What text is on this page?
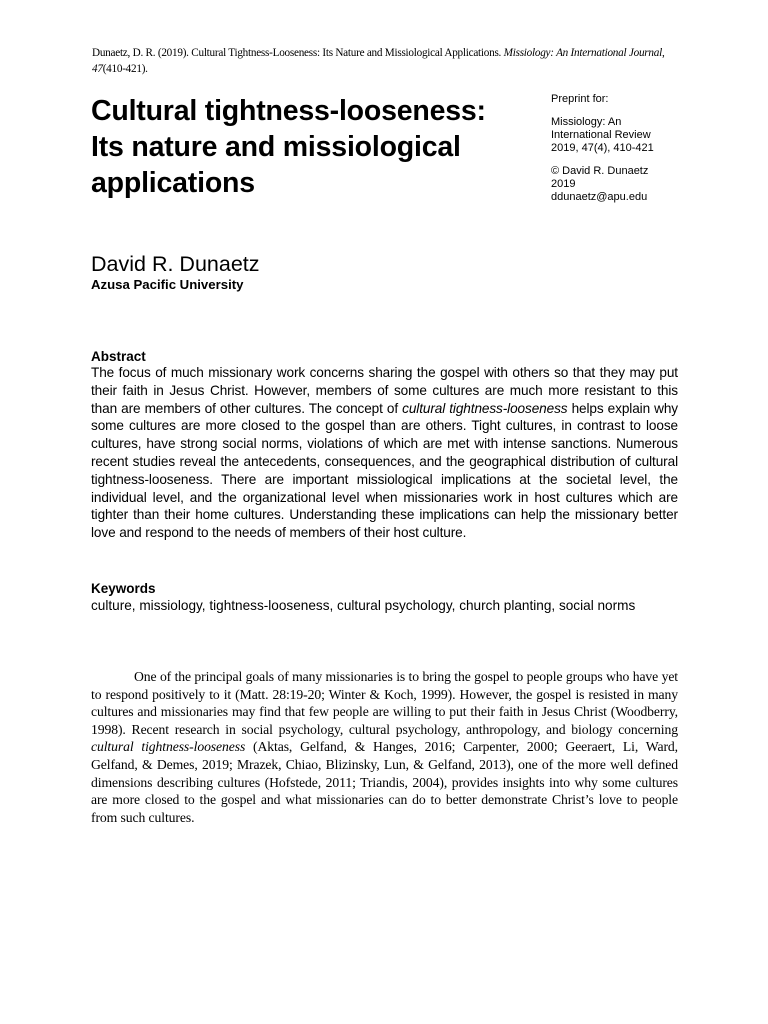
Dunaetz, D. R. (2019). Cultural Tightness-Looseness: Its Nature and Missiological Applications. Missiology: An International Journal, 47(410-421).
Cultural tightness-looseness:
Its nature and missiological
applications
Preprint for:
Missiology: An
International Review
2019, 47(4), 410-421
© David R. Dunaetz
2019
ddunaetz@apu.edu
David R. Dunaetz
Azusa Pacific University
Abstract
The focus of much missionary work concerns sharing the gospel with others so that they may put their faith in Jesus Christ. However, members of some cultures are much more resistant to this than are members of other cultures. The concept of cultural tightness-looseness helps explain why some cultures are more closed to the gospel than are others. Tight cultures, in contrast to loose cultures, have strong social norms, violations of which are met with intense sanctions. Numerous recent studies reveal the antecedents, consequences, and the geographical distribution of cultural tightness-looseness. There are important missiological implications at the societal level, the individual level, and the organizational level when missionaries work in host cultures which are tighter than their home cultures. Understanding these implications can help the missionary better love and respond to the needs of members of their host culture.
Keywords
culture, missiology, tightness-looseness, cultural psychology, church planting, social norms
One of the principal goals of many missionaries is to bring the gospel to people groups who have yet to respond positively to it (Matt. 28:19-20; Winter & Koch, 1999). However, the gospel is resisted in many cultures and missionaries may find that few people are willing to put their faith in Jesus Christ (Woodberry, 1998). Recent research in social psychology, cultural psychology, anthropology, and biology concerning cultural tightness-looseness (Aktas, Gelfand, & Hanges, 2016; Carpenter, 2000; Geeraert, Li, Ward, Gelfand, & Demes, 2019; Mrazek, Chiao, Blizinsky, Lun, & Gelfand, 2013), one of the more well defined dimensions describing cultures (Hofstede, 2011; Triandis, 2004), provides insights into why some cultures are more closed to the gospel and what missionaries can do to better demonstrate Christ’s love to people from such cultures.
